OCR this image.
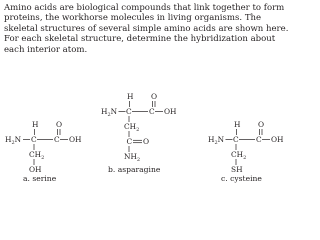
Amino acids are biological compounds that link together to form proteins, the workhorse molecules in living organisms. The skeletal structures of several simple amino acids are shown here. For each skeletal structure, determine the hybridization about each interior atom.

H O
$H_2N$ C C OH
$CH_2$
OH
a. serine
H O
$H_2N$ C C OH
$CH_2$
C O
$NH_2$
b. asparagine
H O
$H_2N$ C C OH
$CH_2$
SH
c. cysteine
